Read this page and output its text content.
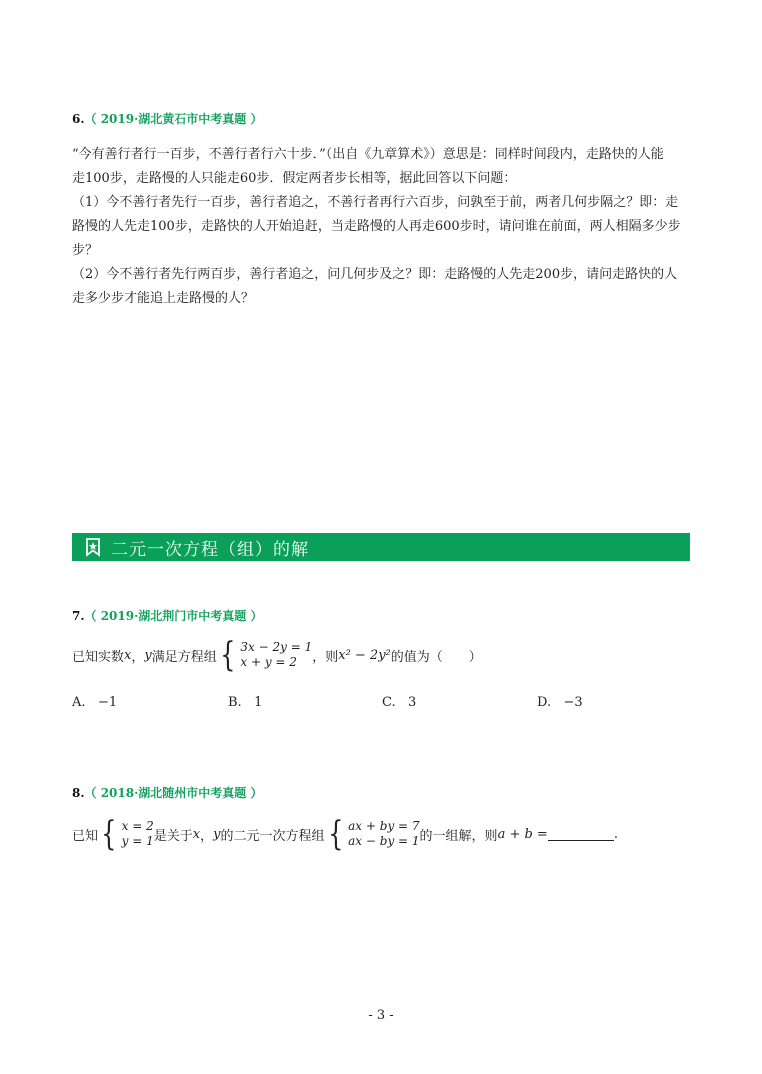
6.（ 2019·湖北黄石市中考真题 ）
“今有善行者行一百步，不善行者行六十步．”（出自《九章算术》）意思是：同样时间段内，走路快的人能
走100步，走路慢的人只能走60步．假定两者步长相等，据此回答以下问题：
（1）今不善行者先行一百步，善行者追之，不善行者再行六百步，问孰至于前，两者几何步隔之？即：走
路慢的人先走100步，走路快的人开始追赶，当走路慢的人再走600步时，请问谁在前面，两人相隔多少步
步？
（2）今不善行者先行两百步，善行者追之，问几何步及之？即：走路慢的人先走200步，请问走路快的人
走多少步才能追上走路慢的人？
二元一次方程（组）的解
7.（ 2019·湖北荆门市中考真题 ）
已知实数 x ， y 满足方程组 { 3x − 2y = 1
x + y = 2	，则 x² − 2y² 的值为（　　）
A. −1	B. 1	C. 3	D. −3
8.（ 2018·湖北随州市中考真题 ）
已知 { x = 2
y = 1 是关于 x ， y 的二元一次方程组 { ax + by = 7
ax − by = 1 的一组解，则 a + b =	.
- 3 -
